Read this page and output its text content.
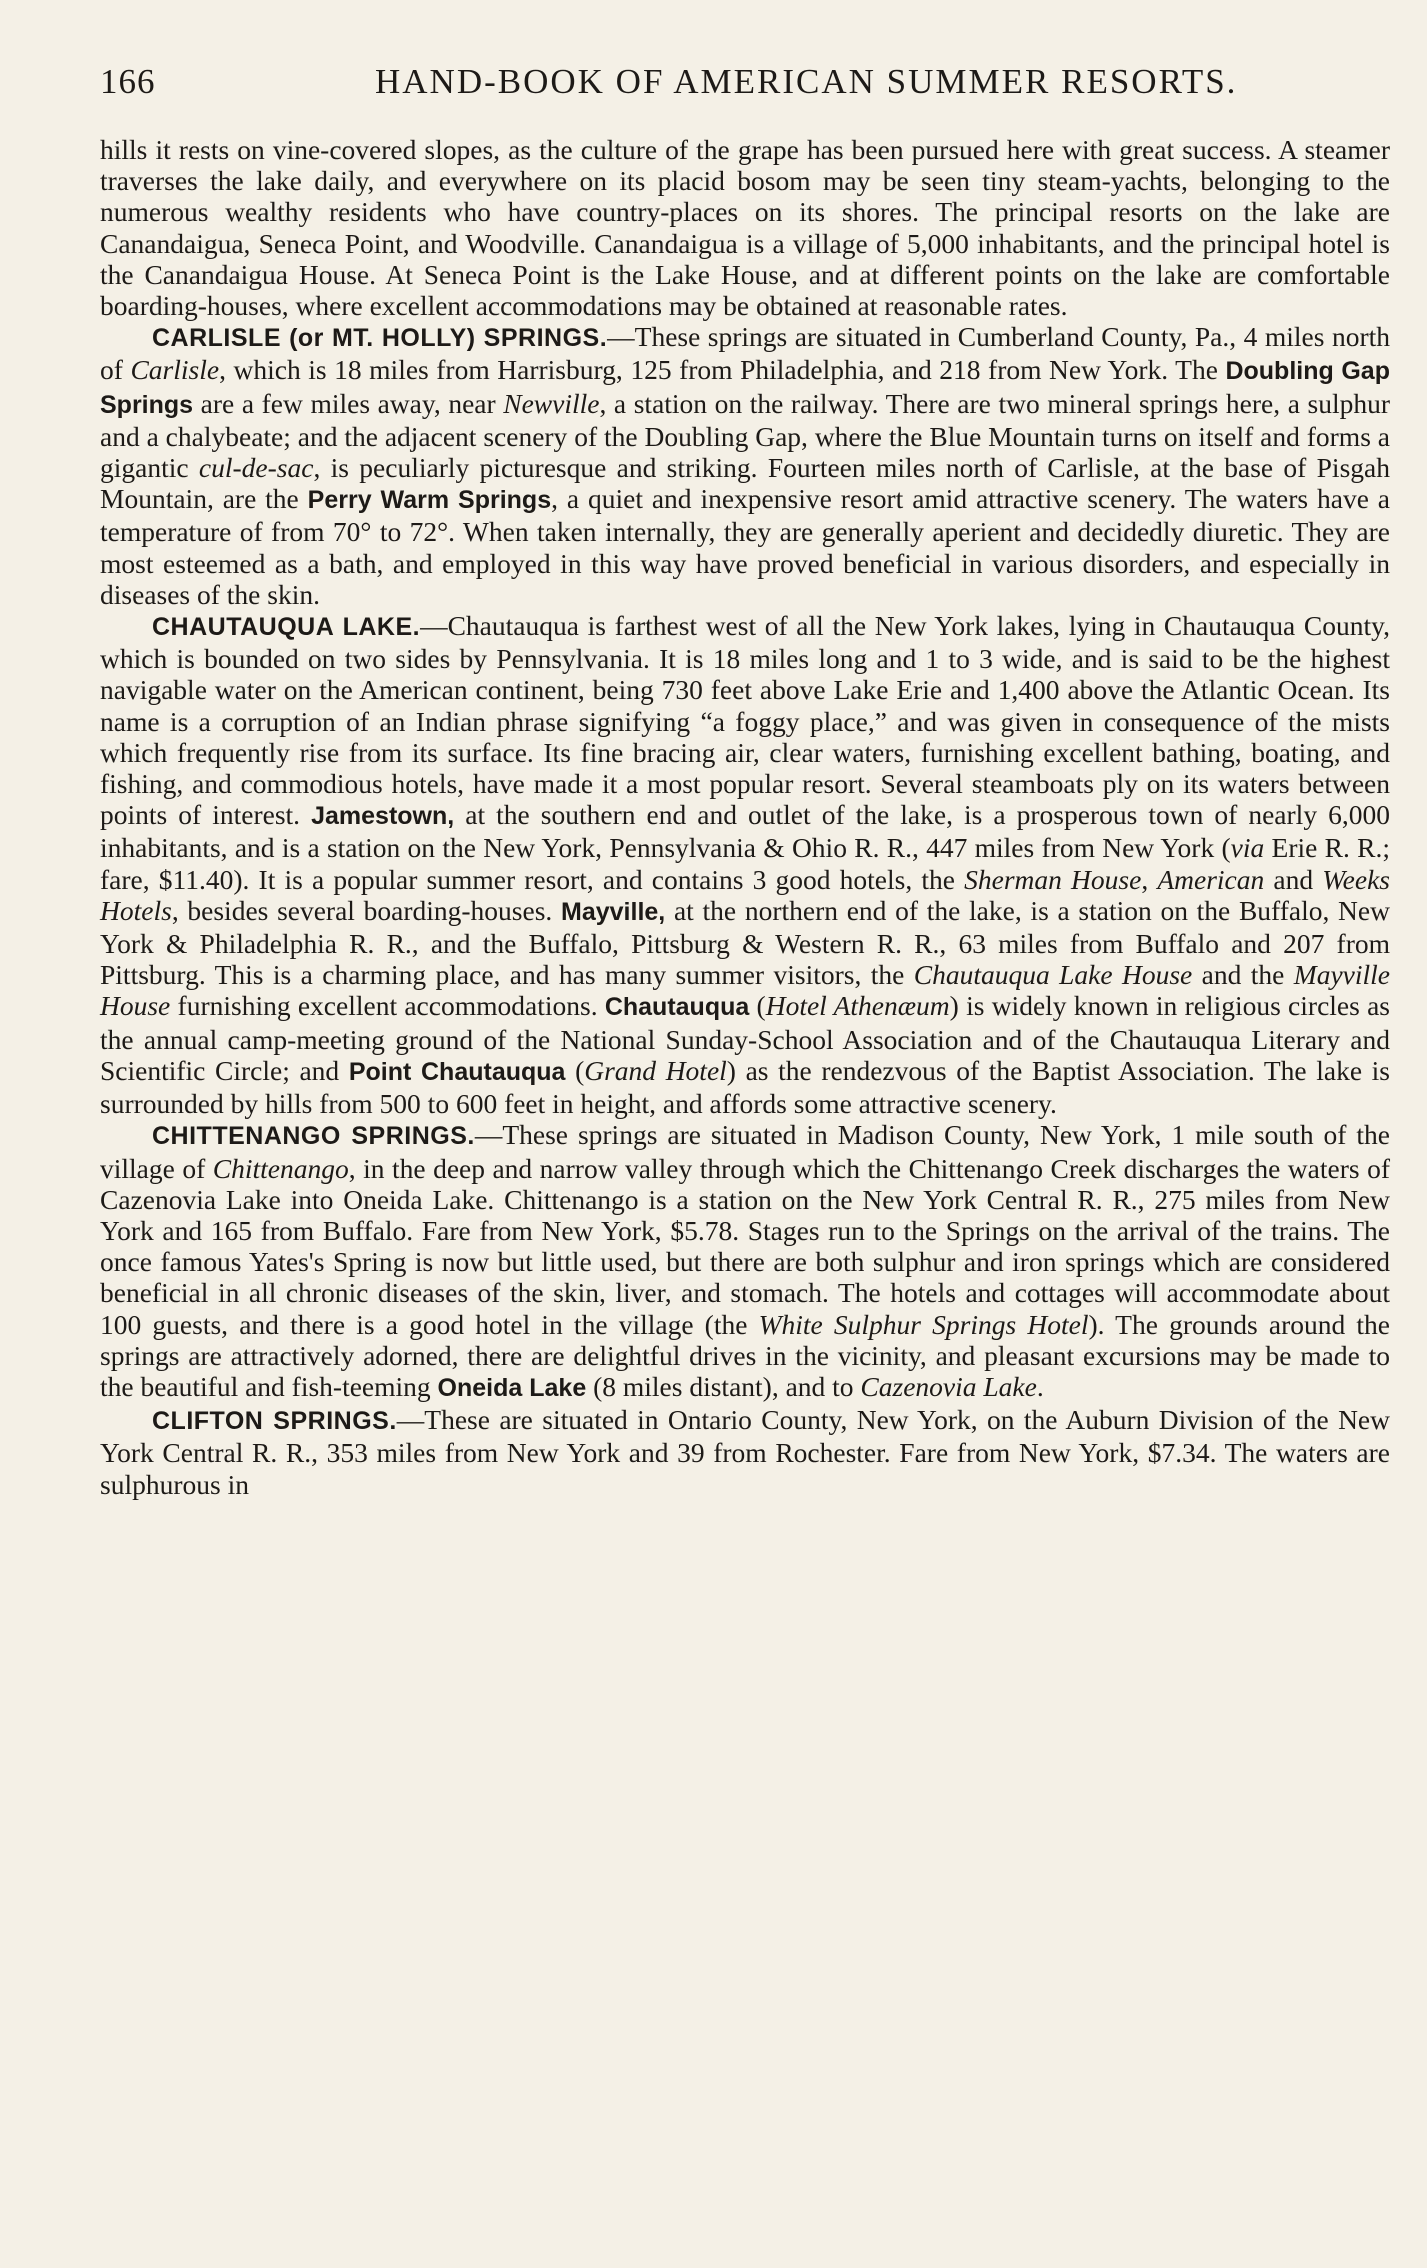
166	HAND-BOOK OF AMERICAN SUMMER RESORTS.

hills it rests on vine-covered slopes, as the culture of the grape has been pursued here with great success. A steamer traverses the lake daily, and everywhere on its placid bosom may be seen tiny steam-yachts, belonging to the numerous wealthy residents who have country-places on its shores. The principal resorts on the lake are Canandaigua, Seneca Point, and Woodville. Canandaigua is a village of 5,000 inhabitants, and the principal hotel is the Canandaigua House. At Seneca Point is the Lake House, and at different points on the lake are comfortable boarding-houses, where excellent accommodations may be obtained at reasonable rates.

CARLISLE (or MT. HOLLY) SPRINGS.—These springs are situated in Cumberland County, Pa., 4 miles north of Carlisle, which is 18 miles from Harrisburg, 125 from Philadelphia, and 218 from New York. The Doubling Gap Springs are a few miles away, near Newville, a station on the railway. There are two mineral springs here, a sulphur and a chalybeate; and the adjacent scenery of the Doubling Gap, where the Blue Mountain turns on itself and forms a gigantic cul-de-sac, is peculiarly picturesque and striking. Fourteen miles north of Carlisle, at the base of Pisgah Mountain, are the Perry Warm Springs, a quiet and inexpensive resort amid attractive scenery. The waters have a temperature of from 70° to 72°. When taken internally, they are generally aperient and decidedly diuretic. They are most esteemed as a bath, and employed in this way have proved beneficial in various disorders, and especially in diseases of the skin.

CHAUTAUQUA LAKE.—Chautauqua is farthest west of all the New York lakes, lying in Chautauqua County, which is bounded on two sides by Pennsylvania. It is 18 miles long and 1 to 3 wide, and is said to be the highest navigable water on the American continent, being 730 feet above Lake Erie and 1,400 above the Atlantic Ocean. Its name is a corruption of an Indian phrase signifying “a foggy place,” and was given in consequence of the mists which frequently rise from its surface. Its fine bracing air, clear waters, furnishing excellent bathing, boating, and fishing, and commodious hotels, have made it a most popular resort. Several steamboats ply on its waters between points of interest. Jamestown, at the southern end and outlet of the lake, is a prosperous town of nearly 6,000 inhabitants, and is a station on the New York, Pennsylvania & Ohio R. R., 447 miles from New York (via Erie R. R.; fare, $11.40). It is a popular summer resort, and contains 3 good hotels, the Sherman House, American and Weeks Hotels, besides several boarding-houses. Mayville, at the northern end of the lake, is a station on the Buffalo, New York & Philadelphia R. R., and the Buffalo, Pittsburg & Western R. R., 63 miles from Buffalo and 207 from Pittsburg. This is a charming place, and has many summer visitors, the Chautauqua Lake House and the Mayville House furnishing excellent accommodations. Chautauqua (Hotel Athenæum) is widely known in religious circles as the annual camp-meeting ground of the National Sunday-School Association and of the Chautauqua Literary and Scientific Circle; and Point Chautauqua (Grand Hotel) as the rendezvous of the Baptist Association. The lake is surrounded by hills from 500 to 600 feet in height, and affords some attractive scenery.

CHITTENANGO SPRINGS.—These springs are situated in Madison County, New York, 1 mile south of the village of Chittenango, in the deep and narrow valley through which the Chittenango Creek discharges the waters of Cazenovia Lake into Oneida Lake. Chittenango is a station on the New York Central R. R., 275 miles from New York and 165 from Buffalo. Fare from New York, $5.78. Stages run to the Springs on the arrival of the trains. The once famous Yates's Spring is now but little used, but there are both sulphur and iron springs which are considered beneficial in all chronic diseases of the skin, liver, and stomach. The hotels and cottages will accommodate about 100 guests, and there is a good hotel in the village (the White Sulphur Springs Hotel). The grounds around the springs are attractively adorned, there are delightful drives in the vicinity, and pleasant excursions may be made to the beautiful and fish-teeming Oneida Lake (8 miles distant), and to Cazenovia Lake.

CLIFTON SPRINGS.—These are situated in Ontario County, New York, on the Auburn Division of the New York Central R. R., 353 miles from New York and 39 from Rochester. Fare from New York, $7.34. The waters are sulphurous in
